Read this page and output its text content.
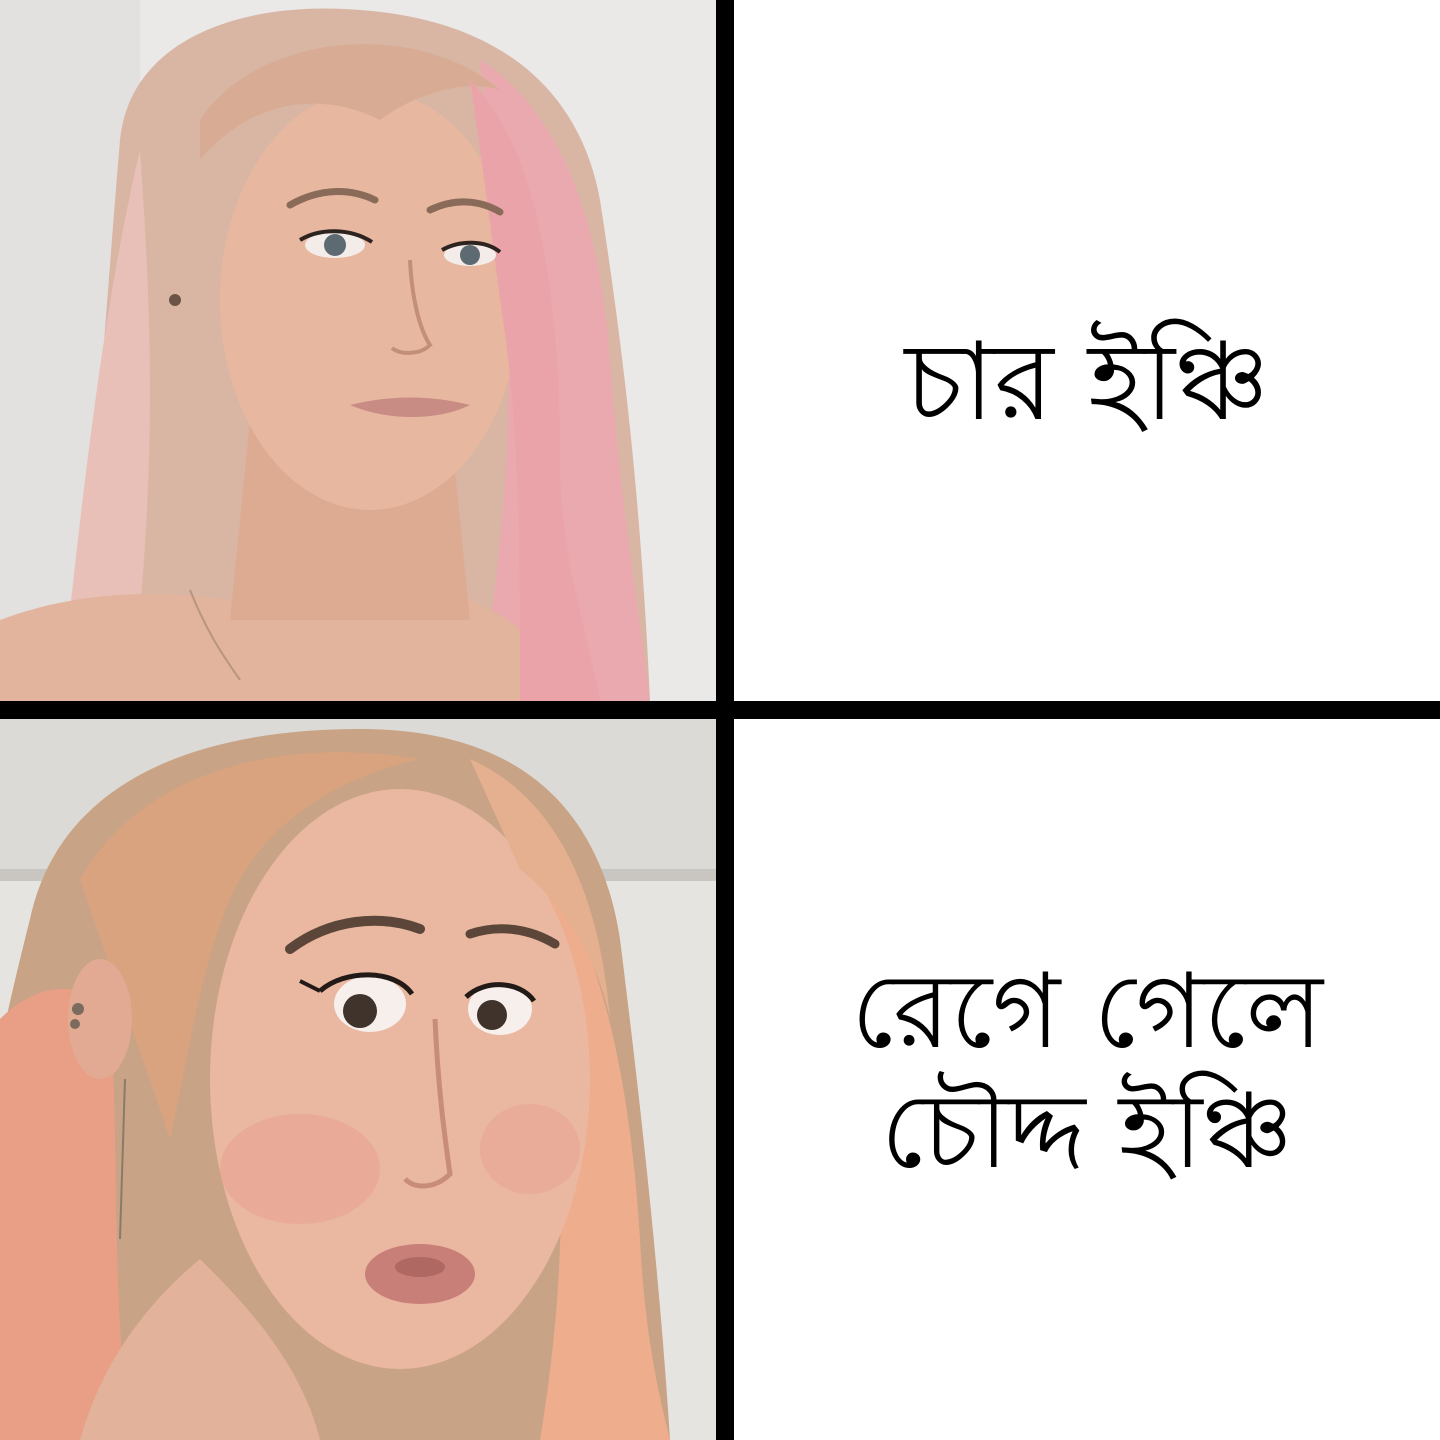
চার ইঞ্চি
রেগে গেলে
চৌদ্দ ইঞ্চি
